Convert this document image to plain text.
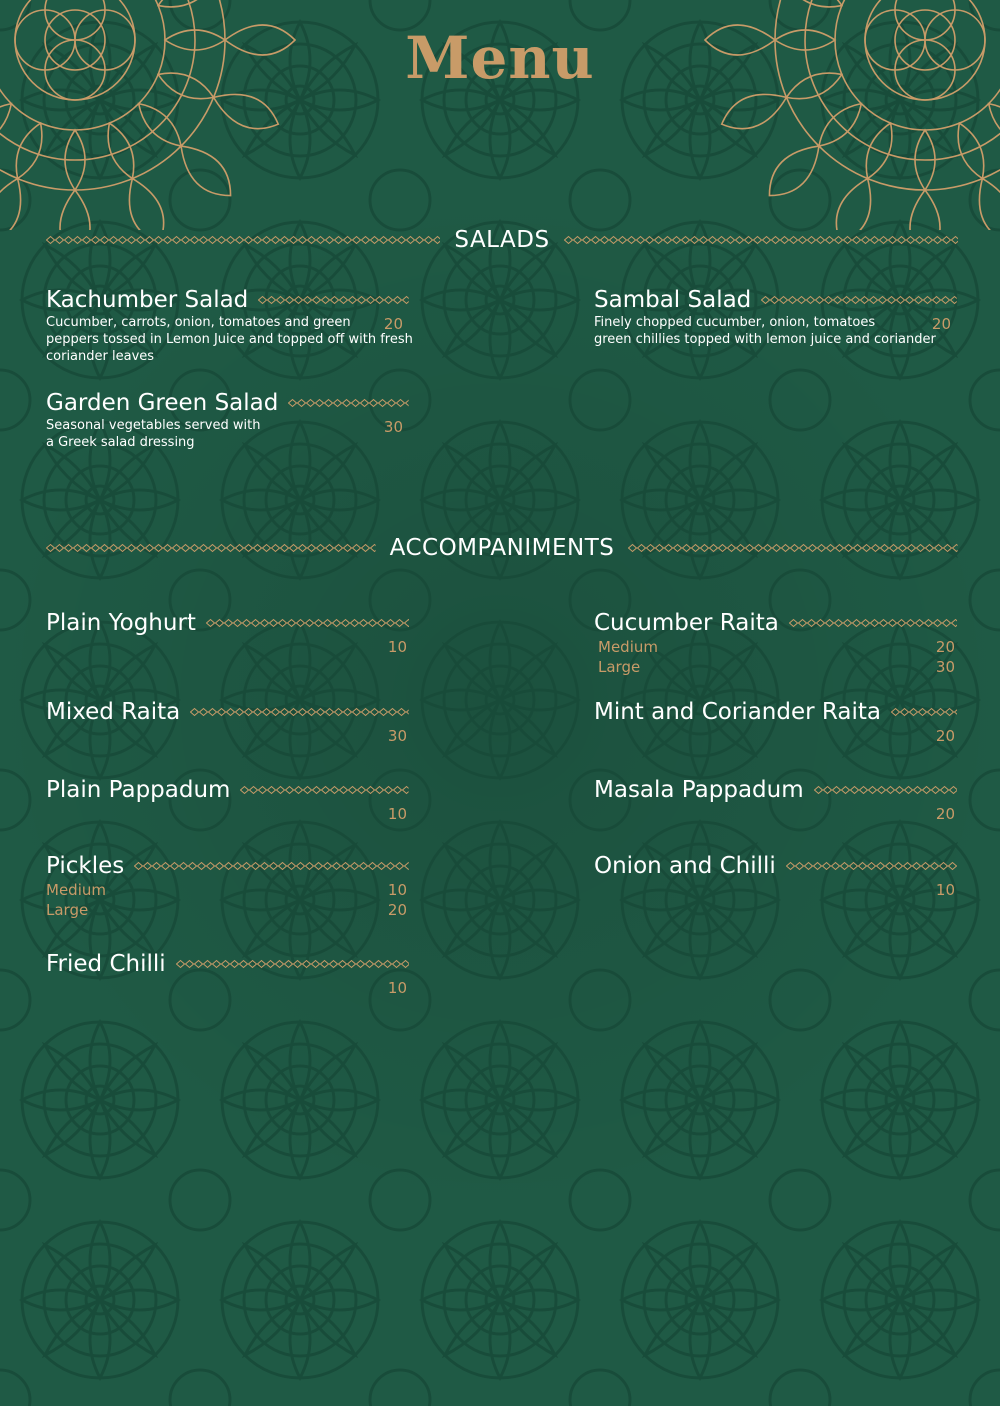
Menu
SALADS
Kachumber Salad
Cucumber, carrots, onion, tomatoes and green
peppers tossed in Lemon Juice and topped off with fresh
coriander leaves
20
Sambal Salad
Finely chopped cucumber, onion, tomatoes
green chillies topped with lemon juice and coriander
20
Garden Green Salad
Seasonal vegetables served with
a Greek salad dressing
30
ACCOMPANIMENTS
Plain Yoghurt
10
Cucumber Raita
Medium	20
Large	30
Mixed Raita
30
Mint and Coriander Raita
20
Plain Pappadum
10
Masala Pappadum
20
Pickles
Medium	10
Large	20
Onion and Chilli
10
Fried Chilli
10
